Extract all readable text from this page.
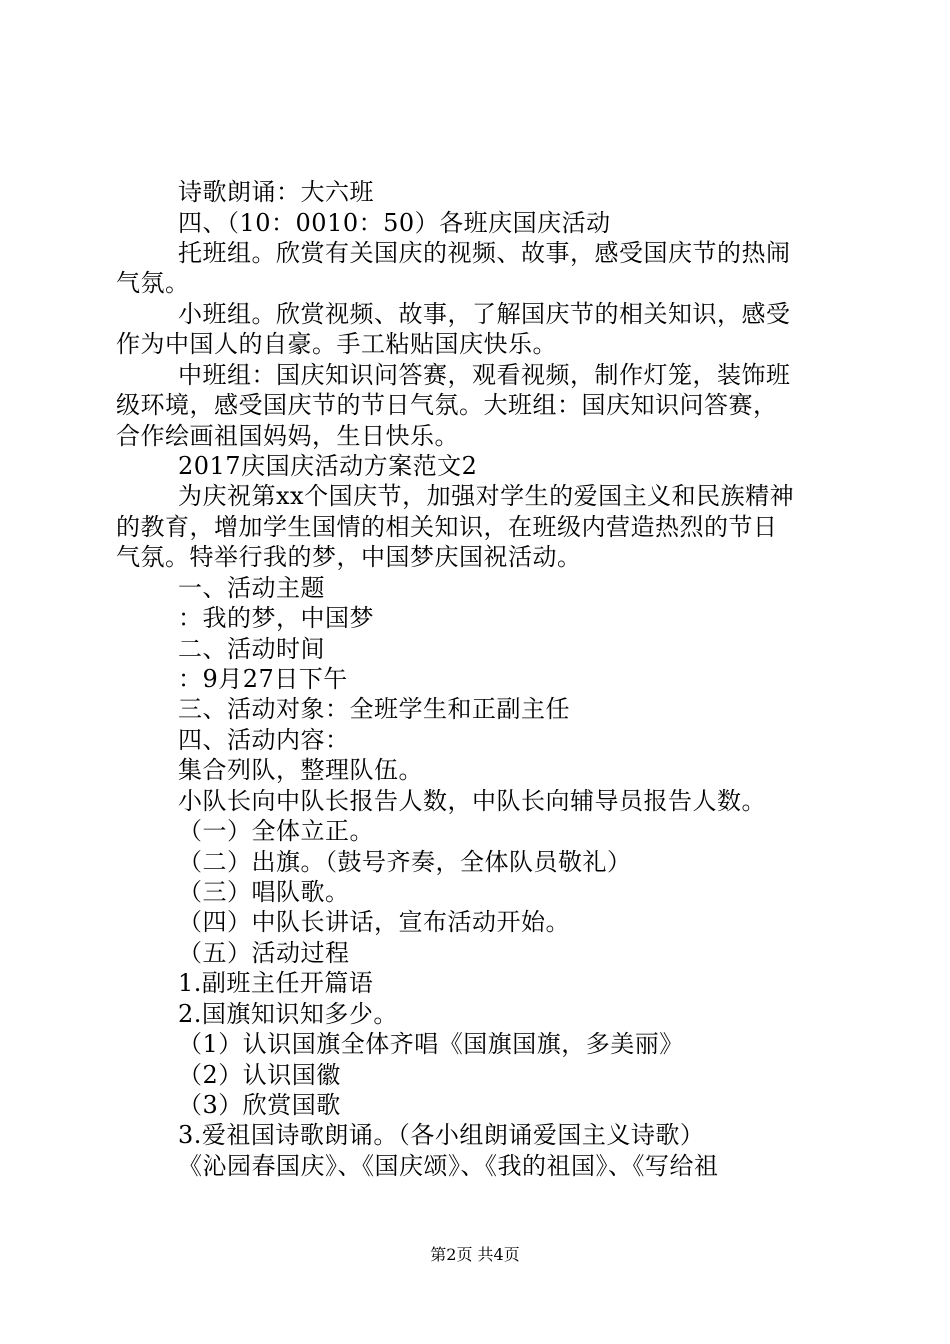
诗歌朗诵：大六班
四、（10：0010：50）各班庆国庆活动
托班组。欣赏有关国庆的视频、故事，感受国庆节的热闹
气氛。
小班组。欣赏视频、故事，了解国庆节的相关知识，感受
作为中国人的自豪。手工粘贴国庆快乐。
中班组：国庆知识问答赛，观看视频，制作灯笼，装饰班
级环境，感受国庆节的节日气氛。大班组：国庆知识问答赛，
合作绘画祖国妈妈，生日快乐。
2017庆国庆活动方案范文2
为庆祝第xx个国庆节，加强对学生的爱国主义和民族精神
的教育，增加学生国情的相关知识，在班级内营造热烈的节日
气氛。特举行我的梦，中国梦庆国祝活动。
一、活动主题
：我的梦，中国梦
二、活动时间
：9月27日下午
三、活动对象：全班学生和正副主任
四、活动内容：
集合列队，整理队伍。
小队长向中队长报告人数，中队长向辅导员报告人数。
（一）全体立正。
（二）出旗。（鼓号齐奏，全体队员敬礼）
（三）唱队歌。
（四）中队长讲话，宣布活动开始。
（五）活动过程
1.副班主任开篇语
2.国旗知识知多少。
（1）认识国旗全体齐唱《国旗国旗，多美丽》
（2）认识国徽
（3）欣赏国歌
3.爱祖国诗歌朗诵。（各小组朗诵爱国主义诗歌）
《沁园春国庆》、《国庆颂》、《我的祖国》、《写给祖
第2页 共4页
